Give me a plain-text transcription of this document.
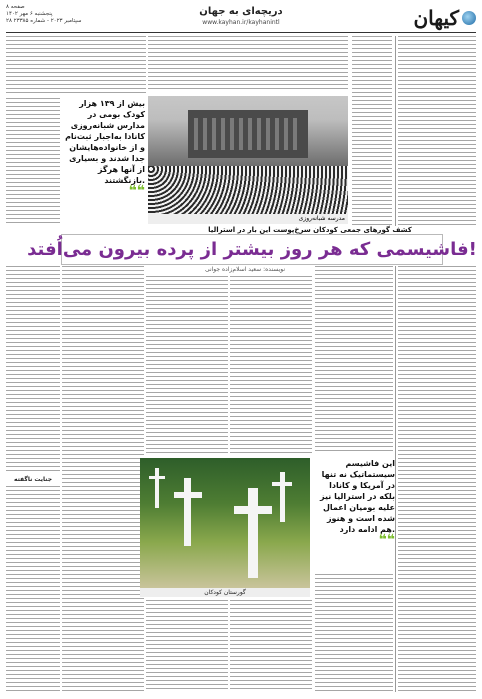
کیهان
دریچه‌ای به جهان
www.kayhan.ir/kayhanintl
صفحه ۸
پنجشنبه ۶ مهر ۱۴۰۲
۲۸ سپتامبر ۲۰۲۳ - شماره ۲۳۳۸۵
مدرسه شبانه‌روزی
بیش از ۱۳۹ هزار کودک بومی در مدارس شبانه‌روزی کانادا به‌اجبار ثبت‌نام و از خانواده‌هایشان جدا شدند و بسیاری از آنها هرگز بازنگشتند.
❝❝
کشف گورهای جمعی کودکان سرخ‌پوست این بار در استرالیا
فاشیسمی که هر روز بیشتر از پرده بیرون می‌اُفتد!
نویسنده: سعید اسلام‌زاده جوانی
جنایت ناگفته
گورستان کودکان
این فاشیسم سیستماتیک نه تنها در آمریکا و کانادا بلکه در استرالیا نیز علیه بومیان اعمال شده است و هنوز هم ادامه دارد.
❝❝
